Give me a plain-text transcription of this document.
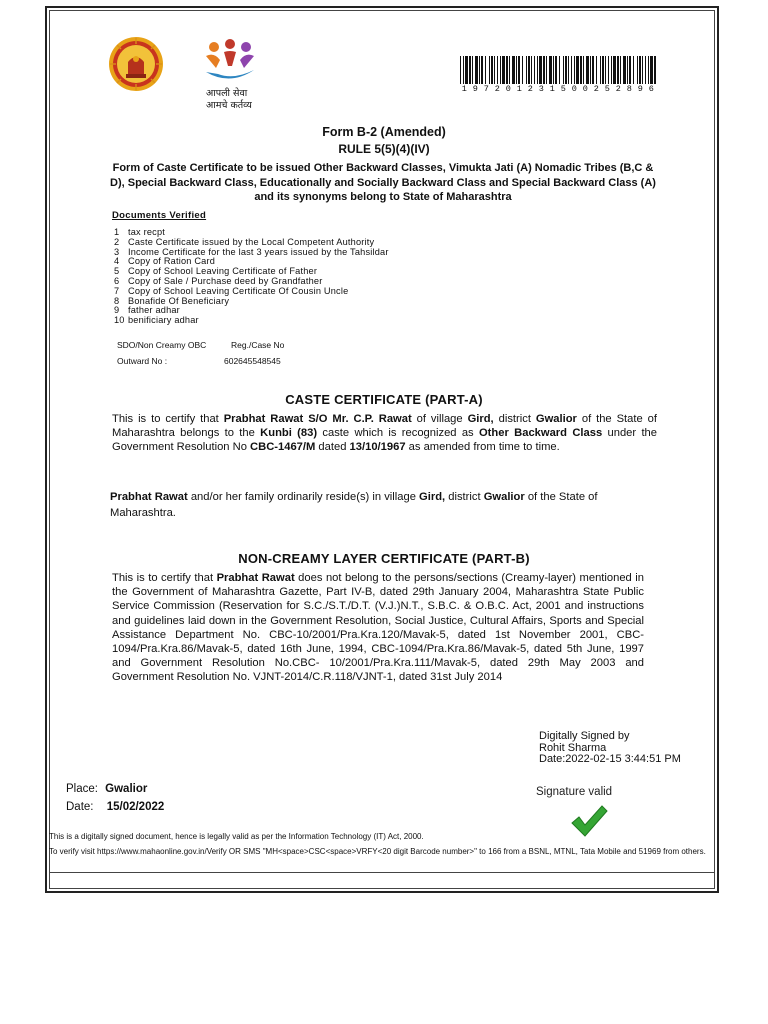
आपली सेवा
आमचे कर्तव्य
1 9 7 2 0 1 2 3 1 5 0 0 2 5 2 8 9 6
Form B-2 (Amended)
RULE 5(5)(4)(IV)
Form of Caste Certificate to be issued Other Backward Classes, Vimukta Jati (A) Nomadic Tribes (B,C & D), Special Backward Class, Educationally and Socially Backward Class and Special Backward Class (A) and its synonyms belong to State of Maharashtra
Documents Verified
1 tax recpt
2 Caste Certificate issued by the Local Competent Authority
3 Income Certificate for the last 3 years issued by the Tahsildar
4 Copy of Ration Card
5 Copy of School Leaving Certificate of Father
6 Copy of Sale / Purchase deed by Grandfather
7 Copy of School Leaving Certificate Of Cousin Uncle
8 Bonafide Of Beneficiary
9 father adhar
10 benificiary adhar
SDO/Non Creamy OBC	Reg./Case No
Outward No :	602645548545
CASTE CERTIFICATE (PART-A)
This is to certify that Prabhat Rawat S/O Mr. C.P. Rawat of village Gird, district Gwalior of the State of Maharashtra belongs to the Kunbi (83) caste which is recognized as Other Backward Class under the Government Resolution No CBC-1467/M dated 13/10/1967 as amended from time to time.
Prabhat Rawat and/or her family ordinarily reside(s) in village Gird, district Gwalior of the State of Maharashtra.
NON-CREAMY LAYER CERTIFICATE (PART-B)
This is to certify that Prabhat Rawat does not belong to the persons/sections (Creamy-layer) mentioned in the Government of Maharashtra Gazette, Part IV-B, dated 29th January 2004, Maharashtra State Public Service Commission (Reservation for S.C./S.T./D.T. (V.J.)N.T., S.B.C. & O.B.C. Act, 2001 and instructions and guidelines laid down in the Government Resolution, Social Justice, Cultural Affairs, Sports and Special Assistance Department No. CBC-10/2001/Pra.Kra.120/Mavak-5, dated 1st November 2001, CBC-1094/Pra.Kra.86/Mavak-5, dated 16th June, 1994, CBC-1094/Pra.Kra.86/Mavak-5, dated 5th June, 1997 and Government Resolution No.CBC- 10/2001/Pra.Kra.111/Mavak-5, dated 29th May 2003 and Government Resolution No. VJNT-2014/C.R.118/VJNT-1, dated 31st July 2014
Digitally Signed by
Rohit Sharma
Date:2022-02-15 3:44:51 PM
Signature valid
Place: Gwalior
Date: 15/02/2022
This is a digitally signed document, hence is legally valid as per the Information Technology (IT) Act, 2000.
To verify visit https://www.mahaonline.gov.in/Verify OR SMS "MH<space>CSC<space>VRFY<20 digit Barcode number>" to 166 from a BSNL, MTNL, Tata Mobile and 51969 from others.
